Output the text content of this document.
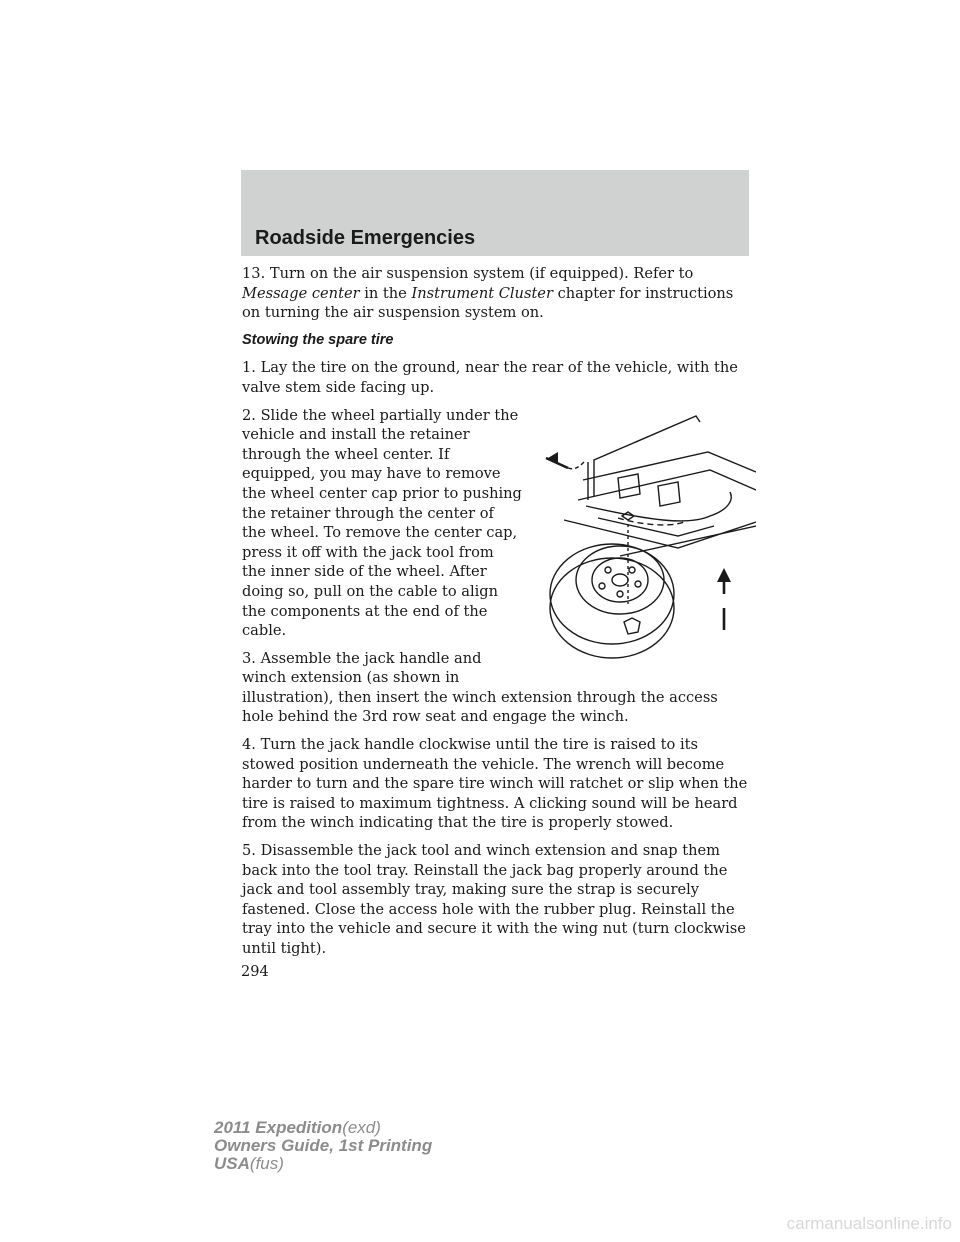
Roadside Emergencies

13. Turn on the air suspension system (if equipped). Refer to Message center in the Instrument Cluster chapter for instructions on turning the air suspension system on.

Stowing the spare tire

1. Lay the tire on the ground, near the rear of the vehicle, with the valve stem side facing up.

2. Slide the wheel partially under the vehicle and install the retainer through the wheel center. If equipped, you may have to remove the wheel center cap prior to pushing the retainer through the center of the wheel. To remove the center cap, press it off with the jack tool from the inner side of the wheel. After doing so, pull on the cable to align the components at the end of the cable.

3. Assemble the jack handle and winch extension (as shown in illustration), then insert the winch extension through the access hole behind the 3rd row seat and engage the winch.

4. Turn the jack handle clockwise until the tire is raised to its stowed position underneath the vehicle. The wrench will become harder to turn and the spare tire winch will ratchet or slip when the tire is raised to maximum tightness. A clicking sound will be heard from the winch indicating that the tire is properly stowed.

5. Disassemble the jack tool and winch extension and snap them back into the tool tray. Reinstall the jack bag properly around the jack and tool assembly tray, making sure the strap is securely fastened. Close the access hole with the rubber plug. Reinstall the tray into the vehicle and secure it with the wing nut (turn clockwise until tight).

294
2011 Expedition(exd)
Owners Guide, 1st Printing
USA(fus)
carmanualsonline.info
